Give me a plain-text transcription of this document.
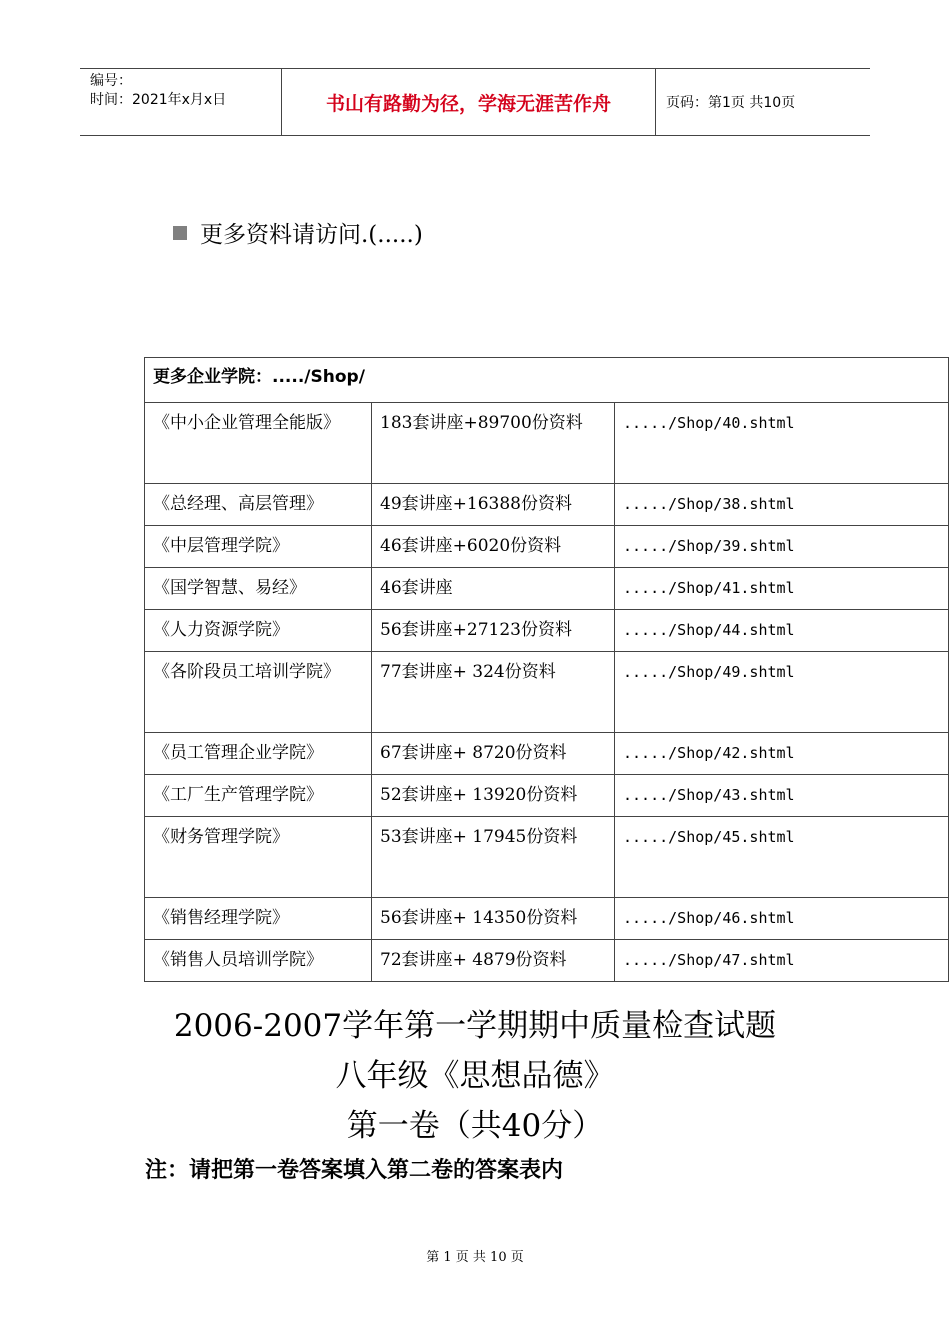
编号：
时间：2021年x月x日	书山有路勤为径，学海无涯苦作舟	页码：第1页 共10页
更多资料请访问.(.....)
更多企业学院：...../Shop/		
《中小企业管理全能版》	183套讲座+89700份资料	...../Shop/40.shtml
《总经理、高层管理》	49套讲座+16388份资料	...../Shop/38.shtml
《中层管理学院》	46套讲座+6020份资料	...../Shop/39.shtml
《国学智慧、易经》	46套讲座	...../Shop/41.shtml
《人力资源学院》	56套讲座+27123份资料	...../Shop/44.shtml
《各阶段员工培训学院》	77套讲座+ 324份资料	...../Shop/49.shtml
《员工管理企业学院》	67套讲座+ 8720份资料	...../Shop/42.shtml
《工厂生产管理学院》	52套讲座+ 13920份资料	...../Shop/43.shtml
《财务管理学院》	53套讲座+ 17945份资料	...../Shop/45.shtml
《销售经理学院》	56套讲座+ 14350份资料	...../Shop/46.shtml
《销售人员培训学院》	72套讲座+ 4879份资料	...../Shop/47.shtml
2006-2007学年第一学期期中质量检查试题
八年级《思想品德》
第一卷（共40分）
注：请把第一卷答案填入第二卷的答案表内
第 1 页 共 10 页
